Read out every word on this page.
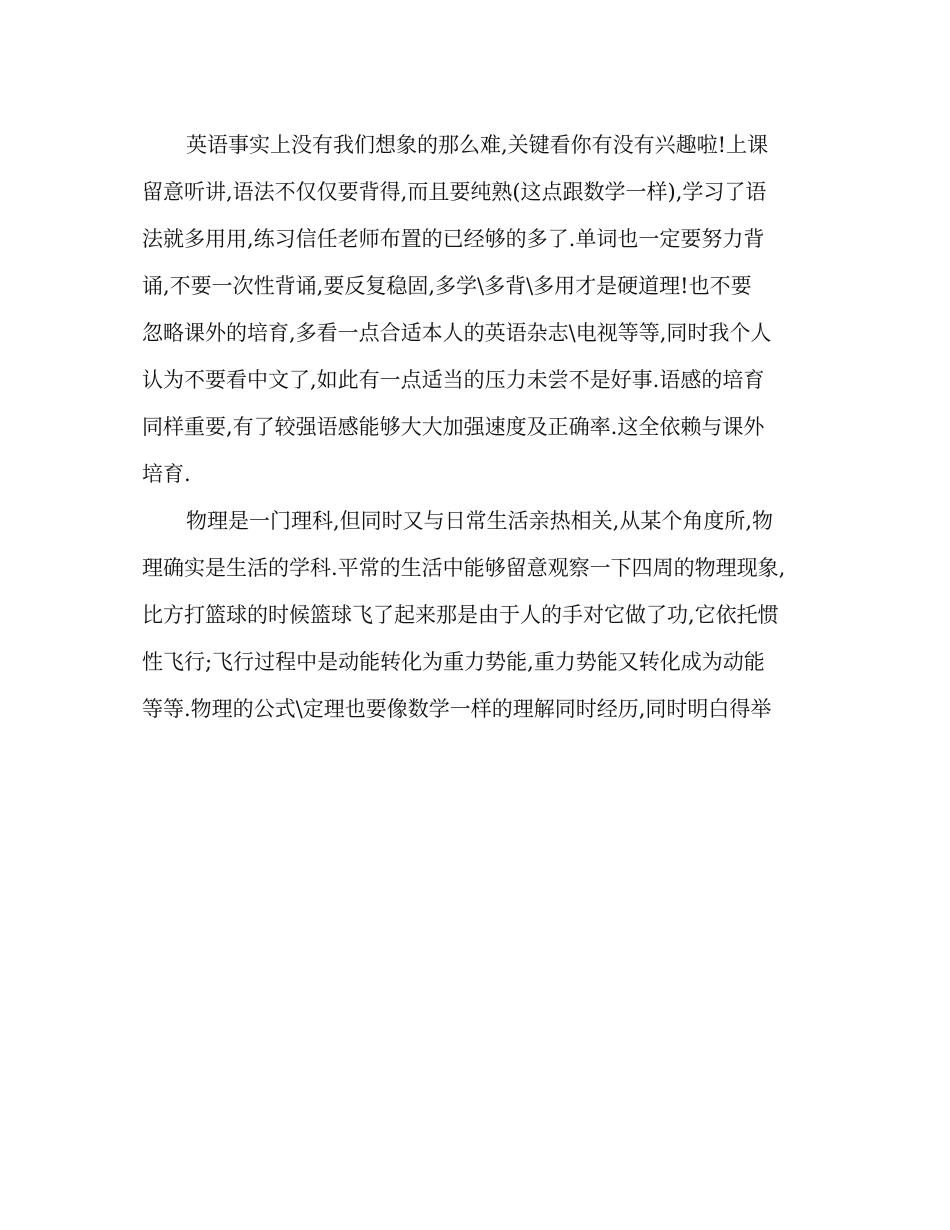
英语事实上没有我们想象的那么难,关键看你有没有兴趣啦!上课
留意听讲,语法不仅仅要背得,而且要纯熟(这点跟数学一样),学习了语
法就多用用,练习信任老师布置的已经够的多了.单词也一定要努力背
诵,不要一次性背诵,要反复稳固,多学\多背\多用才是硬道理!也不要
忽略课外的培育,多看一点合适本人的英语杂志\电视等等,同时我个人
认为不要看中文了,如此有一点适当的压力未尝不是好事.语感的培育
同样重要,有了较强语感能够大大加强速度及正确率.这全依赖与课外
培育.
物理是一门理科,但同时又与日常生活亲热相关,从某个角度所,物
理确实是生活的学科.平常的生活中能够留意观察一下四周的物理现象,
比方打篮球的时候篮球飞了起来那是由于人的手对它做了功,它依托惯
性飞行;飞行过程中是动能转化为重力势能,重力势能又转化成为动能
等等.物理的公式\定理也要像数学一样的理解同时经历,同时明白得举
